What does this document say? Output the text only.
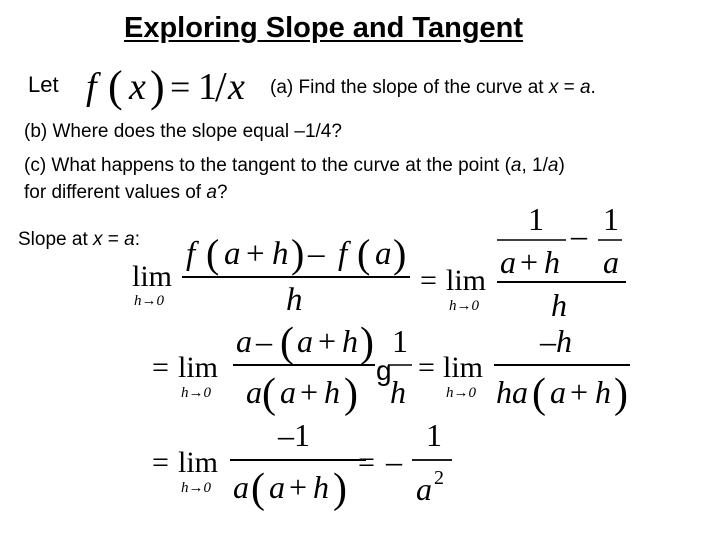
Exploring Slope and Tangent
Let	(a) Find the slope of the curve at x = a.
(b) Where does the slope equal –1/4?
(c) What happens to the tangent to the curve at the point (a, 1/a)
for different values of a?
Slope at x = a:
f ( x ) = 1
/ x
lim
h→0
f ( a + h ) – f ( a )
h
= lim
h→0
1
a + h
– 1
a
h
= lim
h→0
a – ( a + h )
a ( a + h )
g
1
h
= lim
h→0
–h
ha ( a + h )
= lim
h→0
–1
a ( a + h )
= –
1
a 2
